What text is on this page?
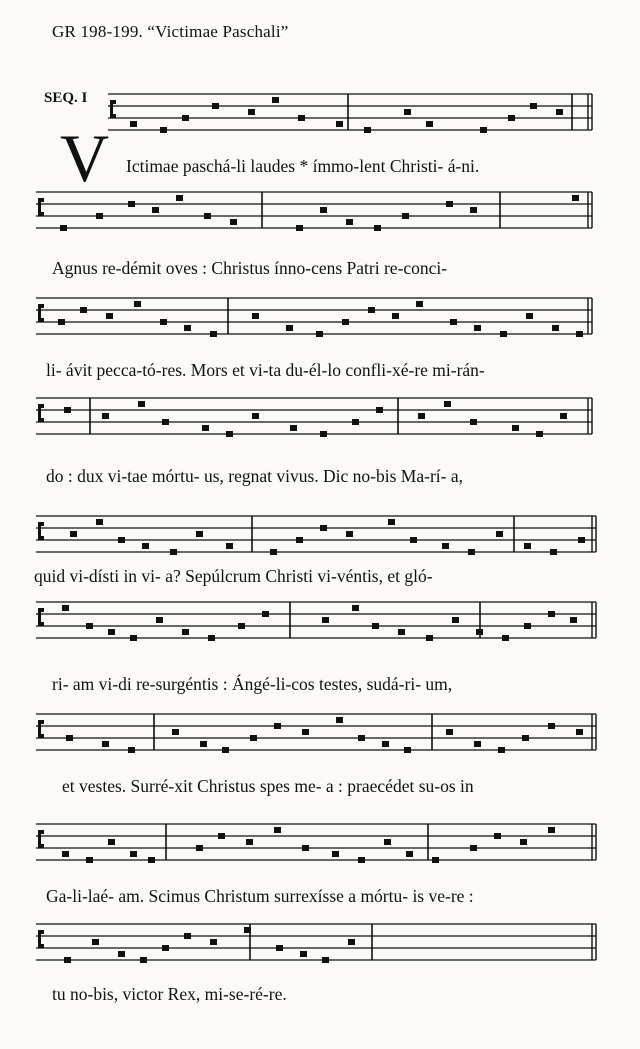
GR 198-199. “Victimae Paschali”
SEQ. I
V Ictimae paschá-li laudes * ímmo-lent Christi- á-ni.
Agnus re-démit oves : Christus ínno-cens Patri re-conci-
li- ávit pecca-tó-res. Mors et vi-ta du-él-lo confli-xé-re mi-rán-
do : dux vi-tae mórtu- us, regnat vivus. Dic no-bis Ma-rí- a,
quid vi-dísti in vi- a? Sepúlcrum Christi vi-véntis, et gló-
ri- am vi-di re-surgéntis : Ángé-li-cos testes, sudá-ri- um,
et vestes. Surré-xit Christus spes me- a : praecédet su-os in
Ga-li-laé- am. Scimus Christum surrexísse a mórtu- is ve-re :
tu no-bis, victor Rex, mi-se-ré-re.
